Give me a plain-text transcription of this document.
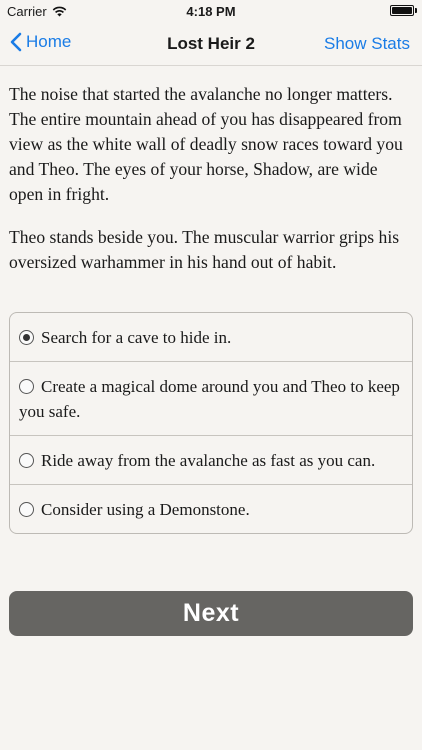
Carrier	4:18 PM
Home	Lost Heir 2	Show Stats

The noise that started the avalanche no longer matters. The entire mountain ahead of you has disappeared from view as the white wall of deadly snow races toward you and Theo. The eyes of your horse, Shadow, are wide open in fright.

Theo stands beside you. The muscular warrior grips his oversized warhammer in his hand out of habit.

Search for a cave to hide in.
Create a magical dome around you and Theo to keep you safe.
Ride away from the avalanche as fast as you can.
Consider using a Demonstone.
Next
